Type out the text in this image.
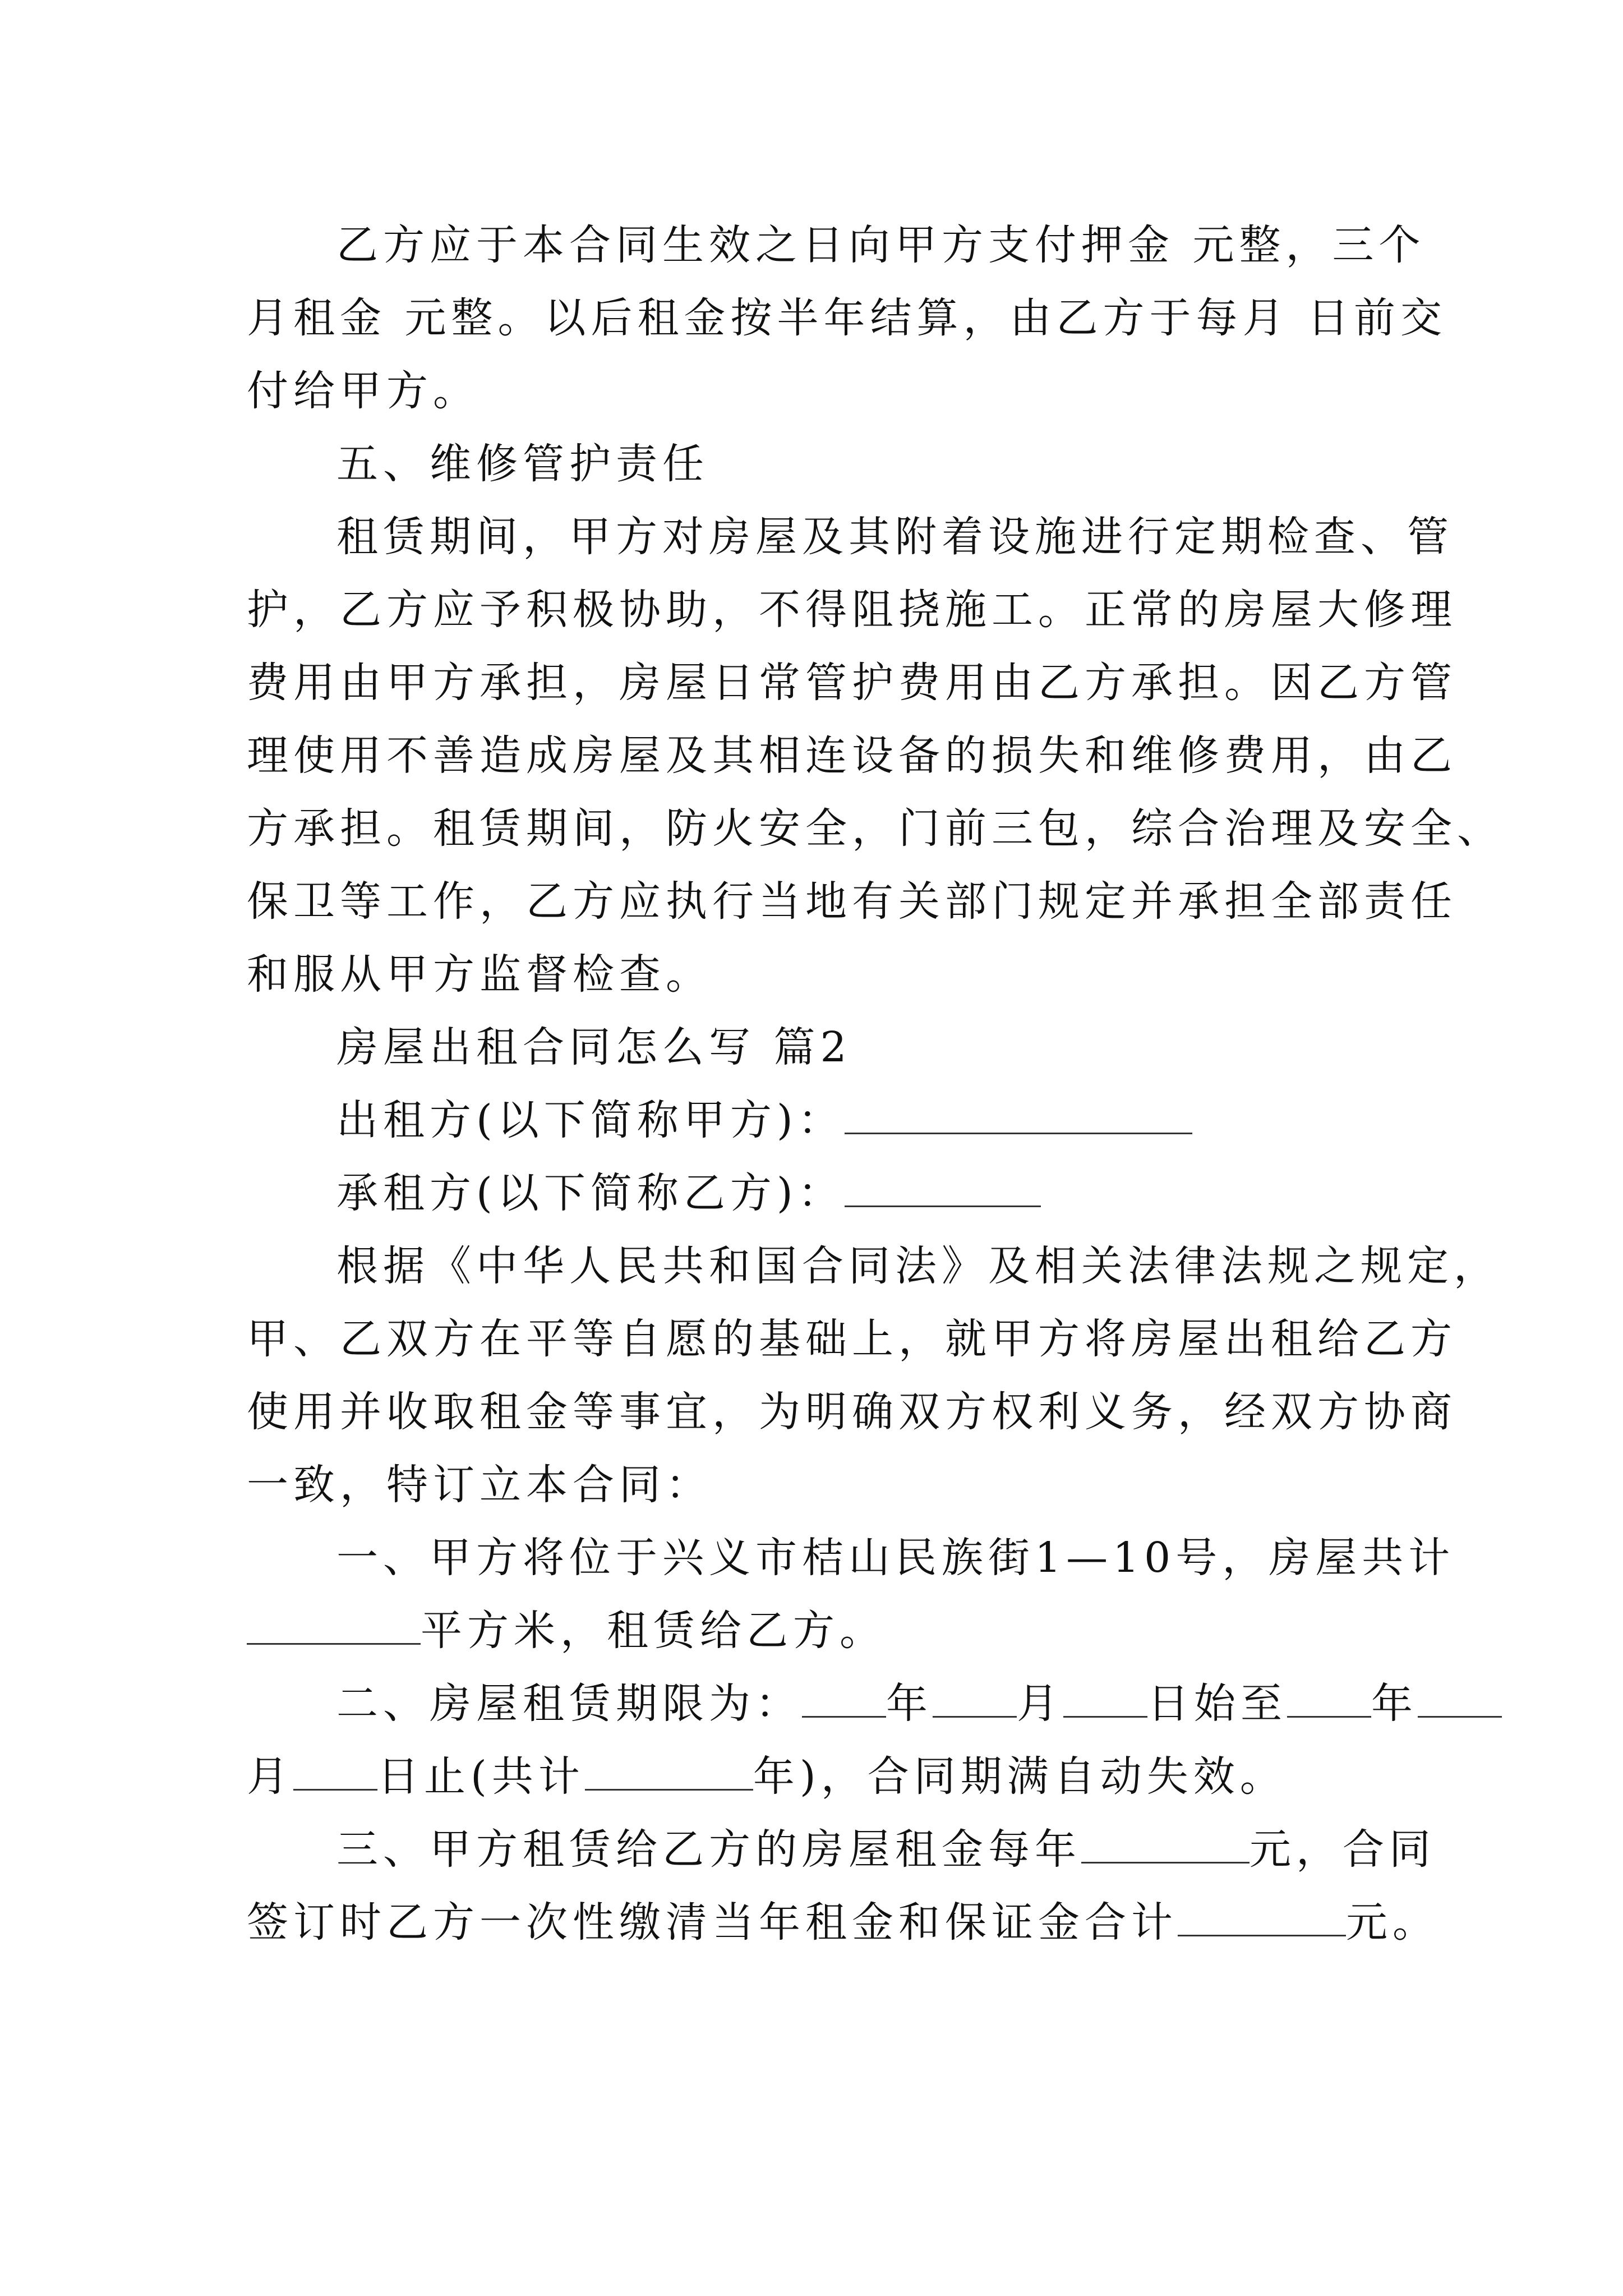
乙方应于本合同生效之日向甲方支付押金 元整，三个
月租金 元整。以后租金按半年结算，由乙方于每月 日前交
付给甲方。
五、维修管护责任
租赁期间，甲方对房屋及其附着设施进行定期检查、管
护，乙方应予积极协助，不得阻挠施工。正常的房屋大修理
费用由甲方承担，房屋日常管护费用由乙方承担。因乙方管
理使用不善造成房屋及其相连设备的损失和维修费用，由乙
方承担。租赁期间，防火安全，门前三包，综合治理及安全、
保卫等工作，乙方应执行当地有关部门规定并承担全部责任
和服从甲方监督检查。
房屋出租合同怎么写 篇2
出租方(以下简称甲方)：
承租方(以下简称乙方)：
根据《中华人民共和国合同法》及相关法律法规之规定，
甲、乙双方在平等自愿的基础上，就甲方将房屋出租给乙方
使用并收取租金等事宜，为明确双方权利义务，经双方协商
一致，特订立本合同：
一、甲方将位于兴义市桔山民族街1—10号，房屋共计
平方米，租赁给乙方。
二、房屋租赁期限为： 年 月 日始至 年
月 日止(共计	年)，合同期满自动失效。
三、甲方租赁给乙方的房屋租金每年	元，合同
签订时乙方一次性缴清当年租金和保证金合计	元。
